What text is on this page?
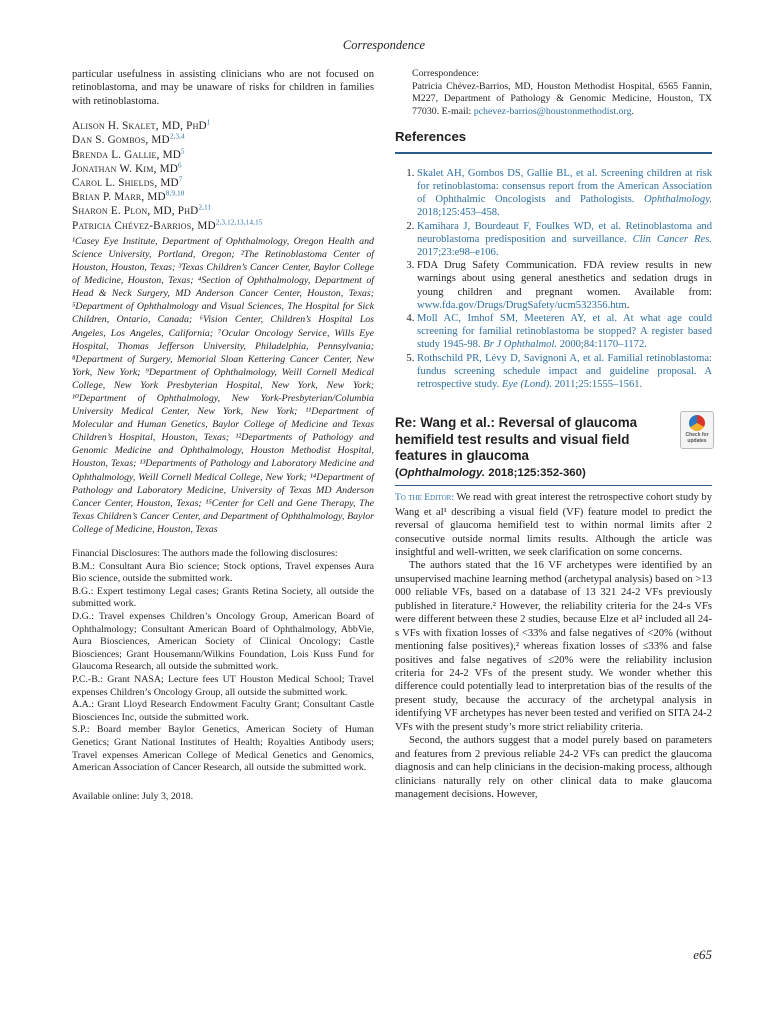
Correspondence

particular usefulness in assisting clinicians who are not focused on retinoblastoma, and may be unaware of risks for children in families with retinoblastoma.

Alison H. Skalet, MD, PhD$^1$
Dan S. Gombos, MD$^{2,3,4}$
Brenda L. Gallie, $MD^5$
Jonathan W. Kim, $MD^6$
Carol L. Shields, $MD^7$
Brian P. Marr, MD$^{8,9,10}$
Sharon E. Plon, MD, PhD$^{2,11}$
Patricia Chévez-Barrios, MD$^{2,3,12,13,14,15}$

¹Casey Eye Institute, Department of Ophthalmology, Oregon Health and Science University, Portland, Oregon; ²The Retinoblastoma Center of Houston, Houston, Texas; ³Texas Children’s Cancer Center, Baylor College of Medicine, Houston, Texas; ⁴Section of Ophthalmology, Department of Head & Neck Surgery, MD Anderson Cancer Center, Houston, Texas; ⁵Department of Ophthalmology and Visual Sciences, The Hospital for Sick Children, Ontario, Canada; ⁶Vision Center, Children’s Hospital Los Angeles, Los Angeles, California; ⁷Ocular Oncology Service, Wills Eye Hospital, Thomas Jefferson University, Philadelphia, Pennsylvania; ⁸Department of Surgery, Memorial Sloan Kettering Cancer Center, New York, New York; ⁹Department of Ophthalmology, Weill Cornell Medical College, New York Presbyterian Hospital, New York, New York; ¹⁰Department of Ophthalmology, New York-Presbyterian/Columbia University Medical Center, New York, New York; ¹¹Department of Molecular and Human Genetics, Baylor College of Medicine and Texas Children’s Hospital, Houston, Texas; ¹²Departments of Pathology and Genomic Medicine and Ophthalmology, Houston Methodist Hospital, Houston, Texas; ¹³Departments of Pathology and Laboratory Medicine and Ophthalmology, Weill Cornell Medical College, New York; ¹⁴Department of Pathology and Laboratory Medicine, University of Texas MD Anderson Cancer Center, Houston, Texas; ¹⁵Center for Cell and Gene Therapy, The Texas Children’s Cancer Center, and Department of Ophthalmology, Baylor College of Medicine, Houston, Texas

Financial Disclosures: The authors made the following disclosures:
B.M.: Consultant Aura Bio science; Stock options, Travel expenses Aura Bio science, outside the submitted work.
B.G.: Expert testimony Legal cases; Grants Retina Society, all outside the submitted work.
D.G.: Travel expenses Children’s Oncology Group, American Board of Ophthalmology; Consultant American Board of Ophthalmology, AbbVie, Aura Biosciences, American Society of Clinical Oncology; Castle Biosciences; Grant Housemann/Wilkins Foundation, Lois Kuss Fund for Glaucoma Research, all outside the submitted work.
P.C.-B.: Grant NASA; Lecture fees UT Houston Medical School; Travel expenses Children’s Oncology Group, all outside the submitted work.
A.A.: Grant Lloyd Research Endowment Faculty Grant; Consultant Castle Biosciences Inc, outside the submitted work.
S.P.: Board member Baylor Genetics, American Society of Human Genetics; Grant National Institutes of Health; Royalties Antibody users; Travel expenses American College of Medical Genetics and Genomics, American Association of Cancer Research, all outside the submitted work.

Available online: July 3, 2018.

Correspondence:
Patricia Chévez-Barrios, MD, Houston Methodist Hospital, 6565 Fannin, M227, Department of Pathology & Genomic Medicine, Houston, TX 77030. E-mail: pchevez-barrios@houstonmethodist.org.
References
1. Skalet AH, Gombos DS, Gallie BL, et al. Screening children at risk for retinoblastoma: consensus report from the American Association of Ophthalmic Oncologists and Pathologists. Ophthalmology. 2018;125:453–458.
2. Kamihara J, Bourdeaut F, Foulkes WD, et al. Retinoblastoma and neuroblastoma predisposition and surveillance. Clin Cancer Res. 2017;23:e98–e106.
3. FDA Drug Safety Communication. FDA review results in new warnings about using general anesthetics and sedation drugs in young children and pregnant women. Available from: www.fda.gov/Drugs/DrugSafety/ucm532356.htm.
4. Moll AC, Imhof SM, Meeteren AY, et al. At what age could screening for familial retinoblastoma be stopped? A register based study 1945-98. Br J Ophthalmol. 2000;84:1170–1172.
5. Rothschild PR, Lévy D, Savignoni A, et al. Familial retinoblastoma: fundus screening schedule impact and guideline proposal. A retrospective study. Eye (Lond). 2011;25:1555–1561.
Re: Wang et al.: Reversal of glaucoma hemifield test results and visual field features in glaucoma
Check for updates
(Ophthalmology. 2018;125:352-360)

To the Editor: We read with great interest the retrospective cohort study by Wang et al¹ describing a visual field (VF) feature model to predict the reversal of glaucoma hemifield test to within normal limits after 2 consecutive outside normal limits results. Although the article was insightful and well-written, we seek clarification on some concerns.

The authors stated that the 16 VF archetypes were identified by an unsupervised machine learning method (archetypal analysis) based on >13 000 reliable VFs, based on a database of 13 321 24-2 VFs previously published in literature.² However, the reliability criteria for the 24-s VFs were different between these 2 studies, because Elze et al² included all 24-s VFs with fixation losses of <33% and false negatives of <20% (without mentioning false positives),² whereas fixation losses of ≤33% and false positives and false negatives of ≤20% were the reliability inclusion criteria for 24-2 VFs of the present study. We wonder whether this difference could potentially lead to interpretation bias of the results of the present study, because the accuracy of the archetypal analysis in identifying VF archetypes has never been tested and verified on SITA 24-2 VFs with the present study’s more strict reliability criteria.

Second, the authors suggest that a model purely based on parameters and features from 2 previous reliable 24-2 VFs can predict the glaucoma diagnosis and can help clinicians in the decision-making process, although clinicians naturally rely on other clinical data to make glaucoma management decisions. However,

e65
